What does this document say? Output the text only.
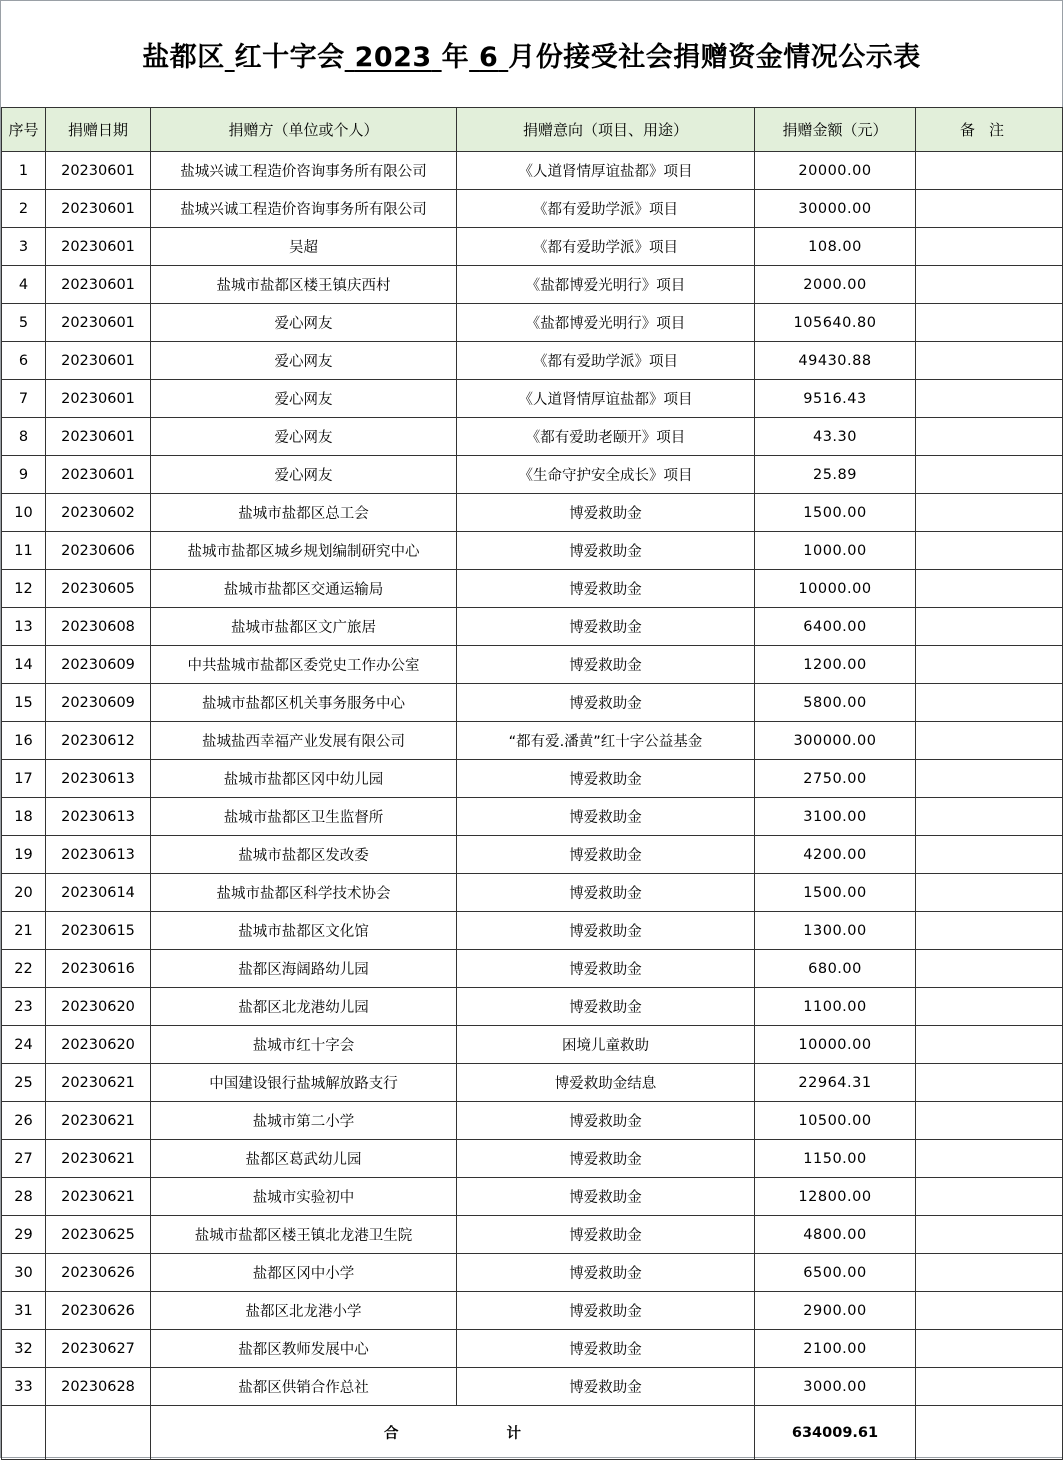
盐都区 红十字会 2023 年 6 月份接受社会捐赠资金情况公示表
序号	捐赠日期	捐赠方（单位或个人）	捐赠意向（项目、用途）	捐赠金额（元）	备注
1	20230601	盐城兴诚工程造价咨询事务所有限公司	《人道肾情厚谊盐都》项目	20000.00	
2	20230601	盐城兴诚工程造价咨询事务所有限公司	《都有爱助学派》项目	30000.00	
3	20230601	吴超	《都有爱助学派》项目	108.00	
4	20230601	盐城市盐都区楼王镇庆西村	《盐都博爱光明行》项目	2000.00	
5	20230601	爱心网友	《盐都博爱光明行》项目	105640.80	
6	20230601	爱心网友	《都有爱助学派》项目	49430.88	
7	20230601	爱心网友	《人道肾情厚谊盐都》项目	9516.43	
8	20230601	爱心网友	《都有爱助老颐开》项目	43.30	
9	20230601	爱心网友	《生命守护安全成长》项目	25.89	
10	20230602	盐城市盐都区总工会	博爱救助金	1500.00	
11	20230606	盐城市盐都区城乡规划编制研究中心	博爱救助金	1000.00	
12	20230605	盐城市盐都区交通运输局	博爱救助金	10000.00	
13	20230608	盐城市盐都区文广旅居	博爱救助金	6400.00	
14	20230609	中共盐城市盐都区委党史工作办公室	博爱救助金	1200.00	
15	20230609	盐城市盐都区机关事务服务中心	博爱救助金	5800.00	
16	20230612	盐城盐西幸福产业发展有限公司	“都有爱.潘黄”红十字公益基金	300000.00	
17	20230613	盐城市盐都区冈中幼儿园	博爱救助金	2750.00	
18	20230613	盐城市盐都区卫生监督所	博爱救助金	3100.00	
19	20230613	盐城市盐都区发改委	博爱救助金	4200.00	
20	20230614	盐城市盐都区科学技术协会	博爱救助金	1500.00	
21	20230615	盐城市盐都区文化馆	博爱救助金	1300.00	
22	20230616	盐都区海阔路幼儿园	博爱救助金	680.00	
23	20230620	盐都区北龙港幼儿园	博爱救助金	1100.00	
24	20230620	盐城市红十字会	困境儿童救助	10000.00	
25	20230621	中国建设银行盐城解放路支行	博爱救助金结息	22964.31	
26	20230621	盐城市第二小学	博爱救助金	10500.00	
27	20230621	盐都区葛武幼儿园	博爱救助金	1150.00	
28	20230621	盐城市实验初中	博爱救助金	12800.00	
29	20230625	盐城市盐都区楼王镇北龙港卫生院	博爱救助金	4800.00	
30	20230626	盐都区冈中小学	博爱救助金	6500.00	
31	20230626	盐都区北龙港小学	博爱救助金	2900.00	
32	20230627	盐都区教师发展中心	博爱救助金	2100.00	
33	20230628	盐都区供销合作总社	博爱救助金	3000.00	
		合 计		634009.61	
